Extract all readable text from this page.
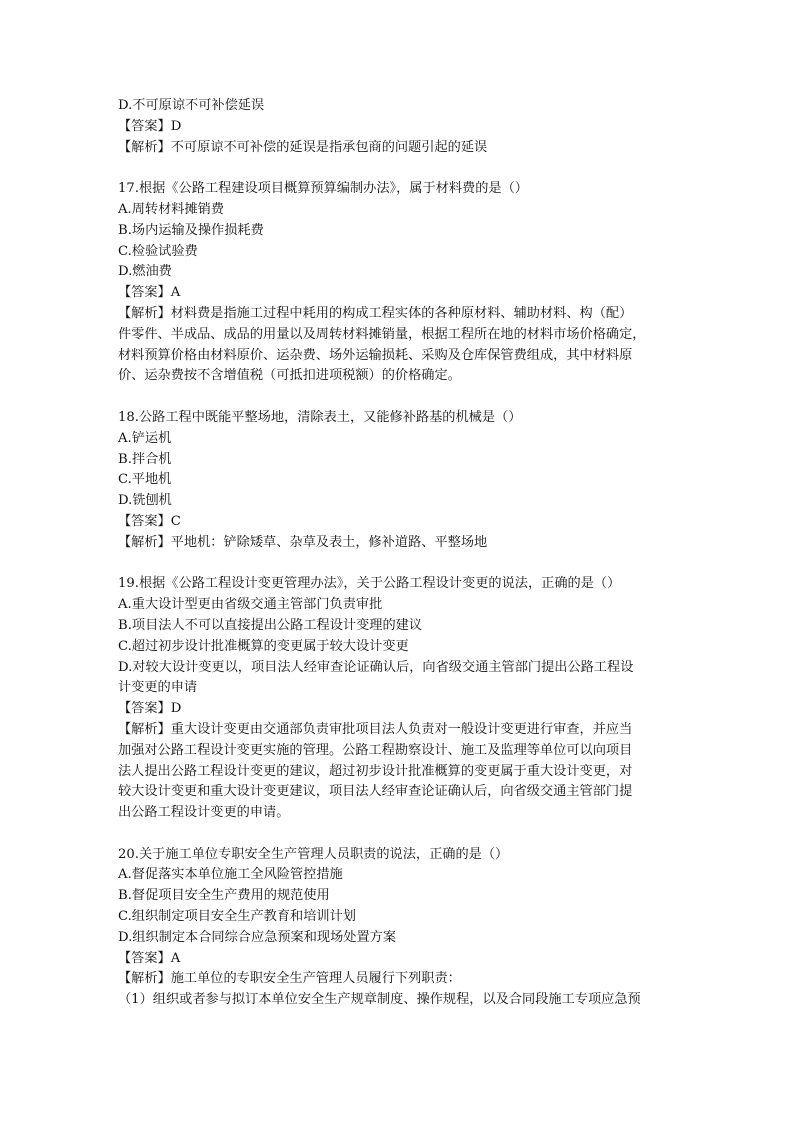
D.不可原谅不可补偿延误
【答案】D
【解析】不可原谅不可补偿的延误是指承包商的问题引起的延误
17.根据《公路工程建设项目概算预算编制办法》，属于材料费的是（）
A.周转材料摊销费
B.场内运输及操作损耗费
C.检验试验费
D.燃油费
【答案】A
【解析】材料费是指施工过程中耗用的构成工程实体的各种原材料、辅助材料、构（配）
件零件、半成品、成品的用量以及周转材料摊销量，根据工程所在地的材料市场价格确定，
材料预算价格由材料原价、运杂费、场外运输损耗、采购及仓库保管费组成，其中材料原
价、运杂费按不含增值税（可抵扣进项税额）的价格确定。
18.公路工程中既能平整场地，清除表土，又能修补路基的机械是（）
A.铲运机
B.拌合机
C.平地机
D.铣刨机
【答案】C
【解析】平地机：铲除矮草、杂草及表土，修补道路、平整场地
19.根据《公路工程设计变更管理办法》，关于公路工程设计变更的说法，正确的是（）
A.重大设计型更由省级交通主管部门负责审批
B.项目法人不可以直接提出公路工程设计变理的建议
C.超过初步设计批准概算的变更属于较大设计变更
D.对较大设计变更以，项目法人经审查论证确认后，向省级交通主管部门提出公路工程设
计变更的申请
【答案】D
【解析】重大设计变更由交通部负责审批项目法人负责对一般设计变更进行审查，并应当
加强对公路工程设计变更实施的管理。公路工程勘察设计、施工及监理等单位可以向项目
法人提出公路工程设计变更的建议，超过初步设计批准概算的变更属于重大设计变更，对
较大设计变更和重大设计变更建议，项目法人经审查论证确认后，向省级交通主管部门提
出公路工程设计变更的申请。
20.关于施工单位专职安全生产管理人员职责的说法，正确的是（）
A.督促落实本单位施工全风险管控措施
B.督促项目安全生产费用的规范使用
C.组织制定项目安全生产教育和培训计划
D.组织制定本合同综合应急预案和现场处置方案
【答案】A
【解析】施工单位的专职安全生产管理人员履行下列职责：
（1）组织或者参与拟订本单位安全生产规章制度、操作规程，以及合同段施工专项应急预
